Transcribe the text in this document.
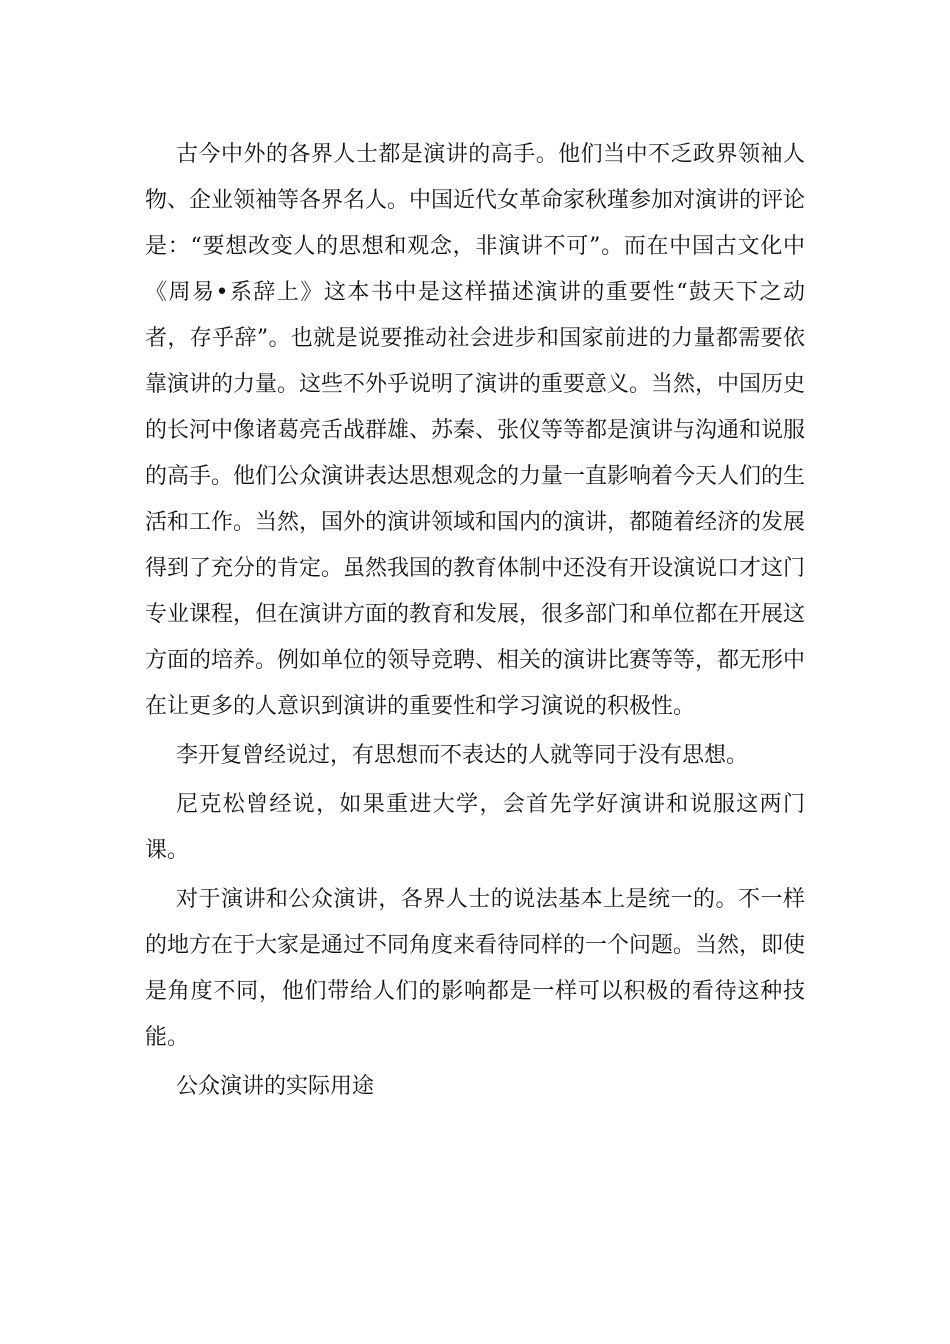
古今中外的各界人士都是演讲的高手。他们当中不乏政界领袖人物、企业领袖等各界名人。中国近代女革命家秋瑾参加对演讲的评论是：“要想改变人的思想和观念，非演讲不可”。而在中国古文化中《周易•系辞上》这本书中是这样描述演讲的重要性“鼓天下之动者，存乎辞”。也就是说要推动社会进步和国家前进的力量都需要依靠演讲的力量。这些不外乎说明了演讲的重要意义。当然，中国历史的长河中像诸葛亮舌战群雄、苏秦、张仪等等都是演讲与沟通和说服的高手。他们公众演讲表达思想观念的力量一直影响着今天人们的生活和工作。当然，国外的演讲领域和国内的演讲，都随着经济的发展得到了充分的肯定。虽然我国的教育体制中还没有开设演说口才这门专业课程，但在演讲方面的教育和发展，很多部门和单位都在开展这方面的培养。例如单位的领导竞聘、相关的演讲比赛等等，都无形中在让更多的人意识到演讲的重要性和学习演说的积极性。

李开复曾经说过，有思想而不表达的人就等同于没有思想。

尼克松曾经说，如果重进大学，会首先学好演讲和说服这两门课。

对于演讲和公众演讲，各界人士的说法基本上是统一的。不一样的地方在于大家是通过不同角度来看待同样的一个问题。当然，即使是角度不同，他们带给人们的影响都是一样可以积极的看待这种技能。

公众演讲的实际用途
